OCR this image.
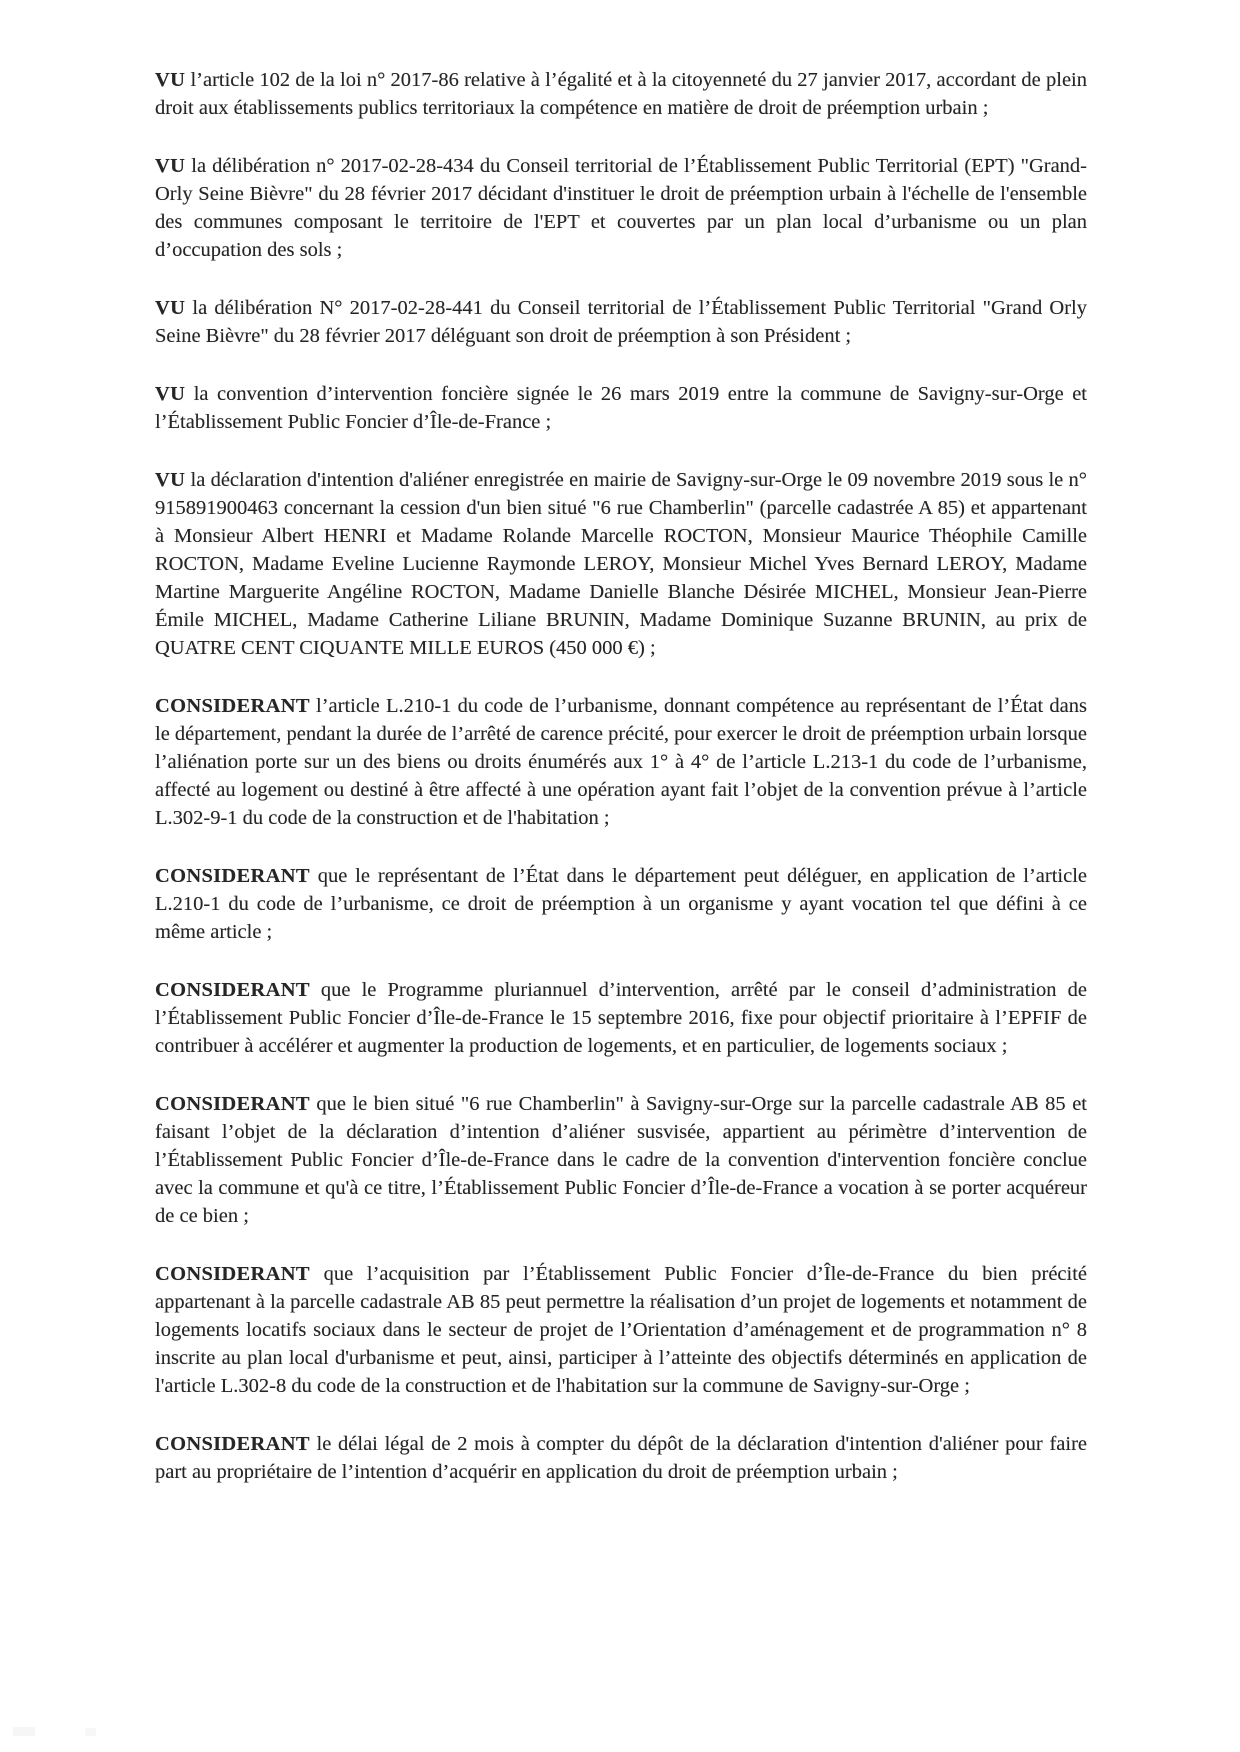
VU l’article 102 de la loi n° 2017-86 relative à l’égalité et à la citoyenneté du 27 janvier 2017, accordant de plein droit aux établissements publics territoriaux la compétence en matière de droit de préemption urbain ;

VU la délibération n° 2017-02-28-434 du Conseil territorial de l’Établissement Public Territorial (EPT) "Grand-Orly Seine Bièvre" du 28 février 2017 décidant d'instituer le droit de préemption urbain à l'échelle de l'ensemble des communes composant le territoire de l'EPT et couvertes par un plan local d’urbanisme ou un plan d’occupation des sols ;

VU la délibération N° 2017-02-28-441 du Conseil territorial de l’Établissement Public Territorial "Grand Orly Seine Bièvre" du 28 février 2017 déléguant son droit de préemption à son Président ;

VU la convention d’intervention foncière signée le 26 mars 2019 entre la commune de Savigny-sur-Orge et l’Établissement Public Foncier d’Île-de-France ;

VU la déclaration d'intention d'aliéner enregistrée en mairie de Savigny-sur-Orge le 09 novembre 2019 sous le n° 915891900463 concernant la cession d'un bien situé "6 rue Chamberlin" (parcelle cadastrée A 85) et appartenant à Monsieur Albert HENRI et Madame Rolande Marcelle ROCTON, Monsieur Maurice Théophile Camille ROCTON, Madame Eveline Lucienne Raymonde LEROY, Monsieur Michel Yves Bernard LEROY, Madame Martine Marguerite Angéline ROCTON, Madame Danielle Blanche Désirée MICHEL, Monsieur Jean-Pierre Émile MICHEL, Madame Catherine Liliane BRUNIN, Madame Dominique Suzanne BRUNIN, au prix de QUATRE CENT CIQUANTE MILLE EUROS (450 000 €) ;

CONSIDERANT l’article L.210-1 du code de l’urbanisme, donnant compétence au représentant de l’État dans le département, pendant la durée de l’arrêté de carence précité, pour exercer le droit de préemption urbain lorsque l’aliénation porte sur un des biens ou droits énumérés aux 1° à 4° de l’article L.213-1 du code de l’urbanisme, affecté au logement ou destiné à être affecté à une opération ayant fait l’objet de la convention prévue à l’article L.302-9-1 du code de la construction et de l'habitation ;

CONSIDERANT que le représentant de l’État dans le département peut déléguer, en application de l’article L.210-1 du code de l’urbanisme, ce droit de préemption à un organisme y ayant vocation tel que défini à ce même article ;

CONSIDERANT que le Programme pluriannuel d’intervention, arrêté par le conseil d’administration de l’Établissement Public Foncier d’Île-de-France le 15 septembre 2016, fixe pour objectif prioritaire à l’EPFIF de contribuer à accélérer et augmenter la production de logements, et en particulier, de logements sociaux ;

CONSIDERANT que le bien situé "6 rue Chamberlin" à Savigny-sur-Orge sur la parcelle cadastrale AB 85 et faisant l’objet de la déclaration d’intention d’aliéner susvisée, appartient au périmètre d’intervention de l’Établissement Public Foncier d’Île-de-France dans le cadre de la convention d'intervention foncière conclue avec la commune et qu'à ce titre, l’Établissement Public Foncier d’Île-de-France a vocation à se porter acquéreur de ce bien ;

CONSIDERANT que l’acquisition par l’Établissement Public Foncier d’Île-de-France du bien précité appartenant à la parcelle cadastrale AB 85 peut permettre la réalisation d’un projet de logements et notamment de logements locatifs sociaux dans le secteur de projet de l’Orientation d’aménagement et de programmation n° 8 inscrite au plan local d'urbanisme et peut, ainsi, participer à l’atteinte des objectifs déterminés en application de l'article L.302-8 du code de la construction et de l'habitation sur la commune de Savigny-sur-Orge ;

CONSIDERANT le délai légal de 2 mois à compter du dépôt de la déclaration d'intention d'aliéner pour faire part au propriétaire de l’intention d’acquérir en application du droit de préemption urbain ;
